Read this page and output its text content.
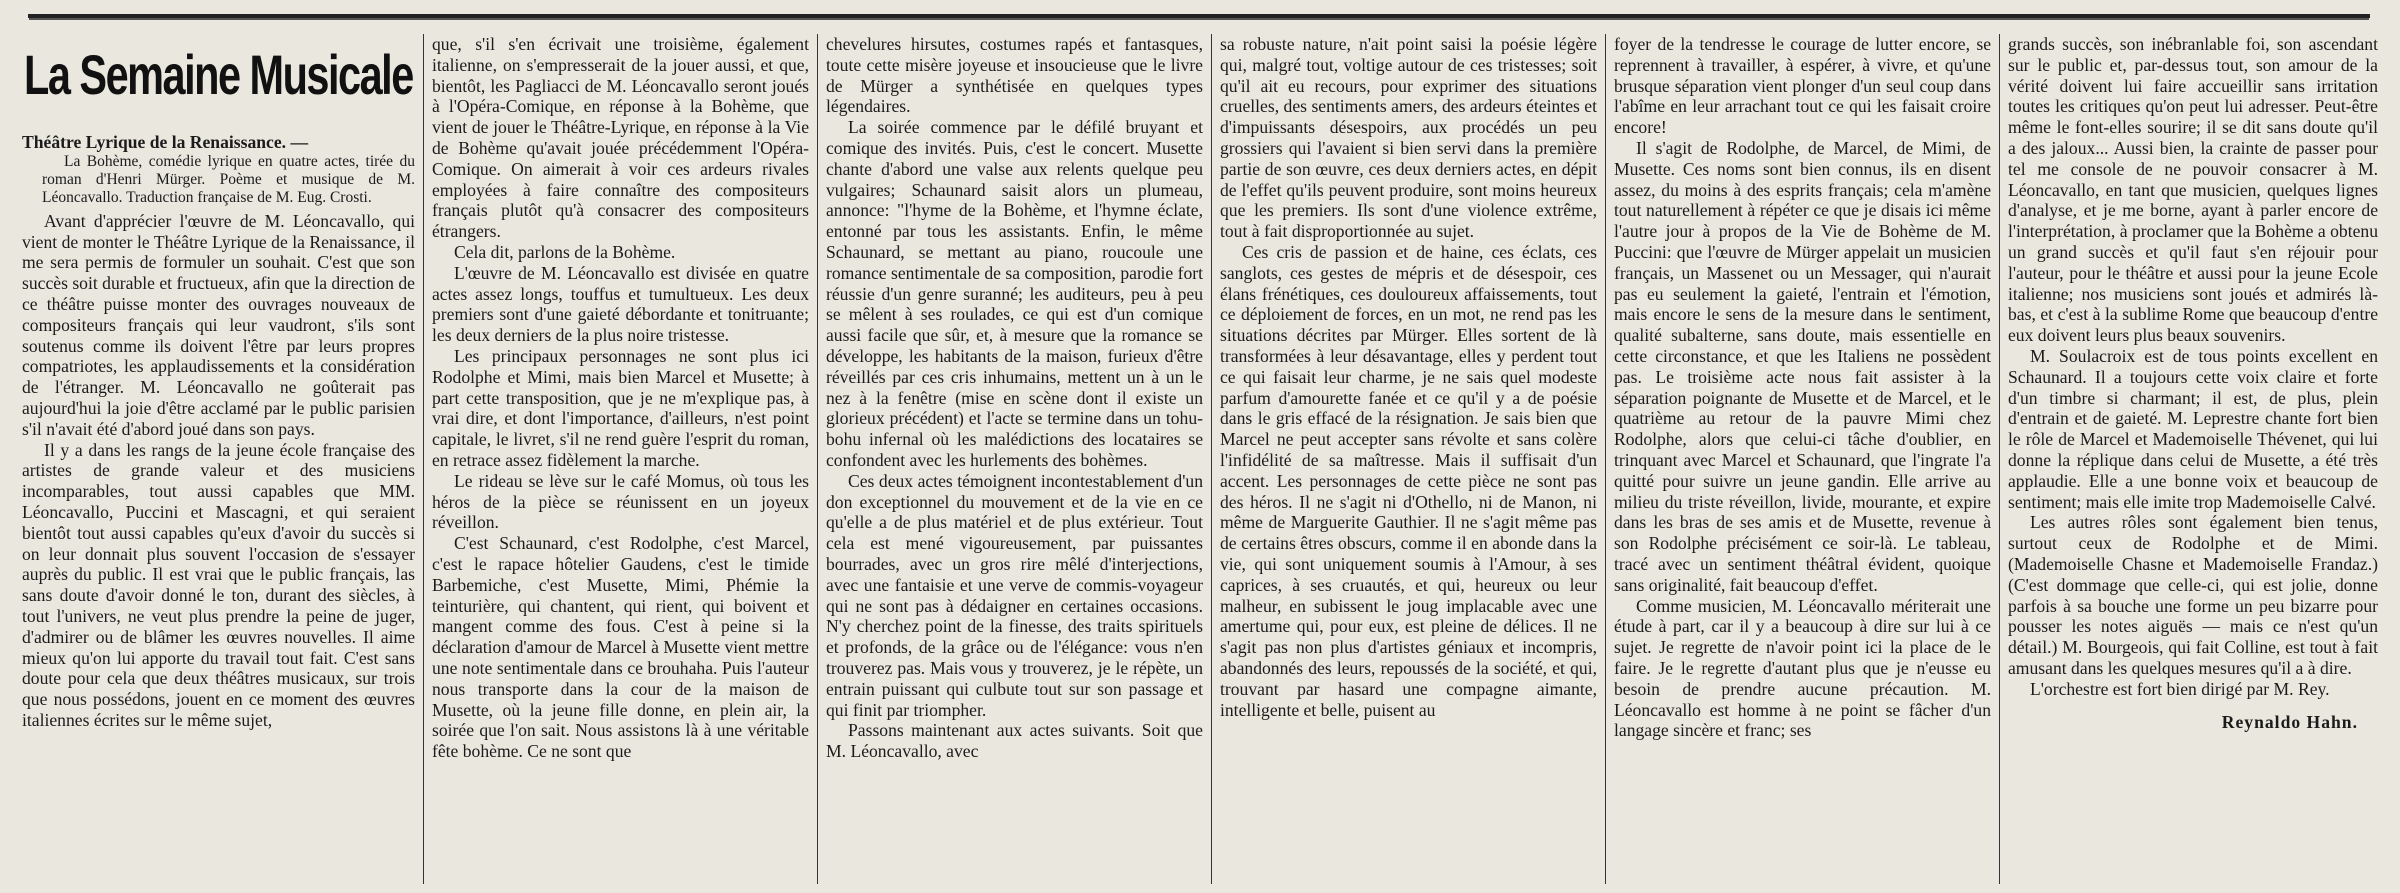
La Semaine Musicale

Théâtre Lyrique de la Renaissance. —

La Bohème, comédie lyrique en quatre actes, tirée du roman d'Henri Mürger. Poème et musique de M. Léoncavallo. Traduction française de M. Eug. Crosti.

Avant d'apprécier l'œuvre de M. Léoncavallo, qui vient de monter le Théâtre Lyrique de la Renaissance, il me sera permis de formuler un souhait. C'est que son succès soit durable et fructueux, afin que la direction de ce théâtre puisse monter des ouvrages nouveaux de compositeurs français qui leur vaudront, s'ils sont soutenus comme ils doivent l'être par leurs propres compatriotes, les applaudissements et la considération de l'étranger. M. Léoncavallo ne goûterait pas aujourd'hui la joie d'être acclamé par le public parisien s'il n'avait été d'abord joué dans son pays.

Il y a dans les rangs de la jeune école française des artistes de grande valeur et des musiciens incomparables, tout aussi capables que MM. Léoncavallo, Puccini et Mascagni, et qui seraient bientôt tout aussi capables qu'eux d'avoir du succès si on leur donnait plus souvent l'occasion de s'essayer auprès du public. Il est vrai que le public français, las sans doute d'avoir donné le ton, durant des siècles, à tout l'univers, ne veut plus prendre la peine de juger, d'admirer ou de blâmer les œuvres nouvelles. Il aime mieux qu'on lui apporte du travail tout fait. C'est sans doute pour cela que deux théâtres musicaux, sur trois que nous possédons, jouent en ce moment des œuvres italiennes écrites sur le même sujet,

que, s'il s'en écrivait une troisième, également italienne, on s'empresserait de la jouer aussi, et que, bientôt, les Pagliacci de M. Léoncavallo seront joués à l'Opéra-Comique, en réponse à la Bohème, que vient de jouer le Théâtre-Lyrique, en réponse à la Vie de Bohème qu'avait jouée précédemment l'Opéra-Comique. On aimerait à voir ces ardeurs rivales employées à faire connaître des compositeurs français plutôt qu'à consacrer des compositeurs étrangers.

Cela dit, parlons de la Bohème.

L'œuvre de M. Léoncavallo est divisée en quatre actes assez longs, touffus et tumultueux. Les deux premiers sont d'une gaieté débordante et tonitruante; les deux derniers de la plus noire tristesse.

Les principaux personnages ne sont plus ici Rodolphe et Mimi, mais bien Marcel et Musette; à part cette transposition, que je ne m'explique pas, à vrai dire, et dont l'importance, d'ailleurs, n'est point capitale, le livret, s'il ne rend guère l'esprit du roman, en retrace assez fidèlement la marche.

Le rideau se lève sur le café Momus, où tous les héros de la pièce se réunissent en un joyeux réveillon.

C'est Schaunard, c'est Rodolphe, c'est Marcel, c'est le rapace hôtelier Gaudens, c'est le timide Barbemiche, c'est Musette, Mimi, Phémie la teinturière, qui chantent, qui rient, qui boivent et mangent comme des fous. C'est à peine si la déclaration d'amour de Marcel à Musette vient mettre une note sentimentale dans ce brouhaha. Puis l'auteur nous transporte dans la cour de la maison de Musette, où la jeune fille donne, en plein air, la soirée que l'on sait. Nous assistons là à une véritable fête bohème. Ce ne sont que

chevelures hirsutes, costumes rapés et fantasques, toute cette misère joyeuse et insoucieuse que le livre de Mürger a synthétisée en quelques types légendaires.

La soirée commence par le défilé bruyant et comique des invités. Puis, c'est le concert. Musette chante d'abord une valse aux relents quelque peu vulgaires; Schaunard saisit alors un plumeau, annonce: "l'hyme de la Bohème, et l'hymne éclate, entonné par tous les assistants. Enfin, le même Schaunard, se mettant au piano, roucoule une romance sentimentale de sa composition, parodie fort réussie d'un genre suranné; les auditeurs, peu à peu se mêlent à ses roulades, ce qui est d'un comique aussi facile que sûr, et, à mesure que la romance se développe, les habitants de la maison, furieux d'être réveillés par ces cris inhumains, mettent un à un le nez à la fenêtre (mise en scène dont il existe un glorieux précédent) et l'acte se termine dans un tohu-bohu infernal où les malédictions des locataires se confondent avec les hurlements des bohèmes.

Ces deux actes témoignent incontestablement d'un don exceptionnel du mouvement et de la vie en ce qu'elle a de plus matériel et de plus extérieur. Tout cela est mené vigoureusement, par puissantes bourrades, avec un gros rire mêlé d'interjections, avec une fantaisie et une verve de commis-voyageur qui ne sont pas à dédaigner en certaines occasions. N'y cherchez point de la finesse, des traits spirituels et profonds, de la grâce ou de l'élégance: vous n'en trouverez pas. Mais vous y trouverez, je le répète, un entrain puissant qui culbute tout sur son passage et qui finit par triompher.

Passons maintenant aux actes suivants. Soit que M. Léoncavallo, avec

sa robuste nature, n'ait point saisi la poésie légère qui, malgré tout, voltige autour de ces tristesses; soit qu'il ait eu recours, pour exprimer des situations cruelles, des sentiments amers, des ardeurs éteintes et d'impuissants désespoirs, aux procédés un peu grossiers qui l'avaient si bien servi dans la première partie de son œuvre, ces deux derniers actes, en dépit de l'effet qu'ils peuvent produire, sont moins heureux que les premiers. Ils sont d'une violence extrême, tout à fait disproportionnée au sujet.

Ces cris de passion et de haine, ces éclats, ces sanglots, ces gestes de mépris et de désespoir, ces élans frénétiques, ces douloureux affaissements, tout ce déploiement de forces, en un mot, ne rend pas les situations décrites par Mürger. Elles sortent de là transformées à leur désavantage, elles y perdent tout ce qui faisait leur charme, je ne sais quel modeste parfum d'amourette fanée et ce qu'il y a de poésie dans le gris effacé de la résignation. Je sais bien que Marcel ne peut accepter sans révolte et sans colère l'infidélité de sa maîtresse. Mais il suffisait d'un accent. Les personnages de cette pièce ne sont pas des héros. Il ne s'agit ni d'Othello, ni de Manon, ni même de Marguerite Gauthier. Il ne s'agit même pas de certains êtres obscurs, comme il en abonde dans la vie, qui sont uniquement soumis à l'Amour, à ses caprices, à ses cruautés, et qui, heureux ou leur malheur, en subissent le joug implacable avec une amertume qui, pour eux, est pleine de délices. Il ne s'agit pas non plus d'artistes géniaux et incompris, abandonnés des leurs, repoussés de la société, et qui, trouvant par hasard une compagne aimante, intelligente et belle, puisent au

foyer de la tendresse le courage de lutter encore, se reprennent à travailler, à espérer, à vivre, et qu'une brusque séparation vient plonger d'un seul coup dans l'abîme en leur arrachant tout ce qui les faisait croire encore!

Il s'agit de Rodolphe, de Marcel, de Mimi, de Musette. Ces noms sont bien connus, ils en disent assez, du moins à des esprits français; cela m'amène tout naturellement à répéter ce que je disais ici même l'autre jour à propos de la Vie de Bohème de M. Puccini: que l'œuvre de Mürger appelait un musicien français, un Massenet ou un Messager, qui n'aurait pas eu seulement la gaieté, l'entrain et l'émotion, mais encore le sens de la mesure dans le sentiment, qualité subalterne, sans doute, mais essentielle en cette circonstance, et que les Italiens ne possèdent pas. Le troisième acte nous fait assister à la séparation poignante de Musette et de Marcel, et le quatrième au retour de la pauvre Mimi chez Rodolphe, alors que celui-ci tâche d'oublier, en trinquant avec Marcel et Schaunard, que l'ingrate l'a quitté pour suivre un jeune gandin. Elle arrive au milieu du triste réveillon, livide, mourante, et expire dans les bras de ses amis et de Musette, revenue à son Rodolphe précisément ce soir-là. Le tableau, tracé avec un sentiment théâtral évident, quoique sans originalité, fait beaucoup d'effet.

Comme musicien, M. Léoncavallo mériterait une étude à part, car il y a beaucoup à dire sur lui à ce sujet. Je regrette de n'avoir point ici la place de le faire. Je le regrette d'autant plus que je n'eusse eu besoin de prendre aucune précaution. M. Léoncavallo est homme à ne point se fâcher d'un langage sincère et franc; ses

grands succès, son inébranlable foi, son ascendant sur le public et, par-dessus tout, son amour de la vérité doivent lui faire accueillir sans irritation toutes les critiques qu'on peut lui adresser. Peut-être même le font-elles sourire; il se dit sans doute qu'il a des jaloux... Aussi bien, la crainte de passer pour tel me console de ne pouvoir consacrer à M. Léoncavallo, en tant que musicien, quelques lignes d'analyse, et je me borne, ayant à parler encore de l'interprétation, à proclamer que la Bohème a obtenu un grand succès et qu'il faut s'en réjouir pour l'auteur, pour le théâtre et aussi pour la jeune Ecole italienne; nos musiciens sont joués et admirés là-bas, et c'est à la sublime Rome que beaucoup d'entre eux doivent leurs plus beaux souvenirs.

M. Soulacroix est de tous points excellent en Schaunard. Il a toujours cette voix claire et forte d'un timbre si charmant; il est, de plus, plein d'entrain et de gaieté. M. Leprestre chante fort bien le rôle de Marcel et Mademoiselle Thévenet, qui lui donne la réplique dans celui de Musette, a été très applaudie. Elle a une bonne voix et beaucoup de sentiment; mais elle imite trop Mademoiselle Calvé.

Les autres rôles sont également bien tenus, surtout ceux de Rodolphe et de Mimi. (Mademoiselle Chasne et Mademoiselle Frandaz.) (C'est dommage que celle-ci, qui est jolie, donne parfois à sa bouche une forme un peu bizarre pour pousser les notes aiguës — mais ce n'est qu'un détail.) M. Bourgeois, qui fait Colline, est tout à fait amusant dans les quelques mesures qu'il a à dire.

L'orchestre est fort bien dirigé par M. Rey.

Reynaldo Hahn.
